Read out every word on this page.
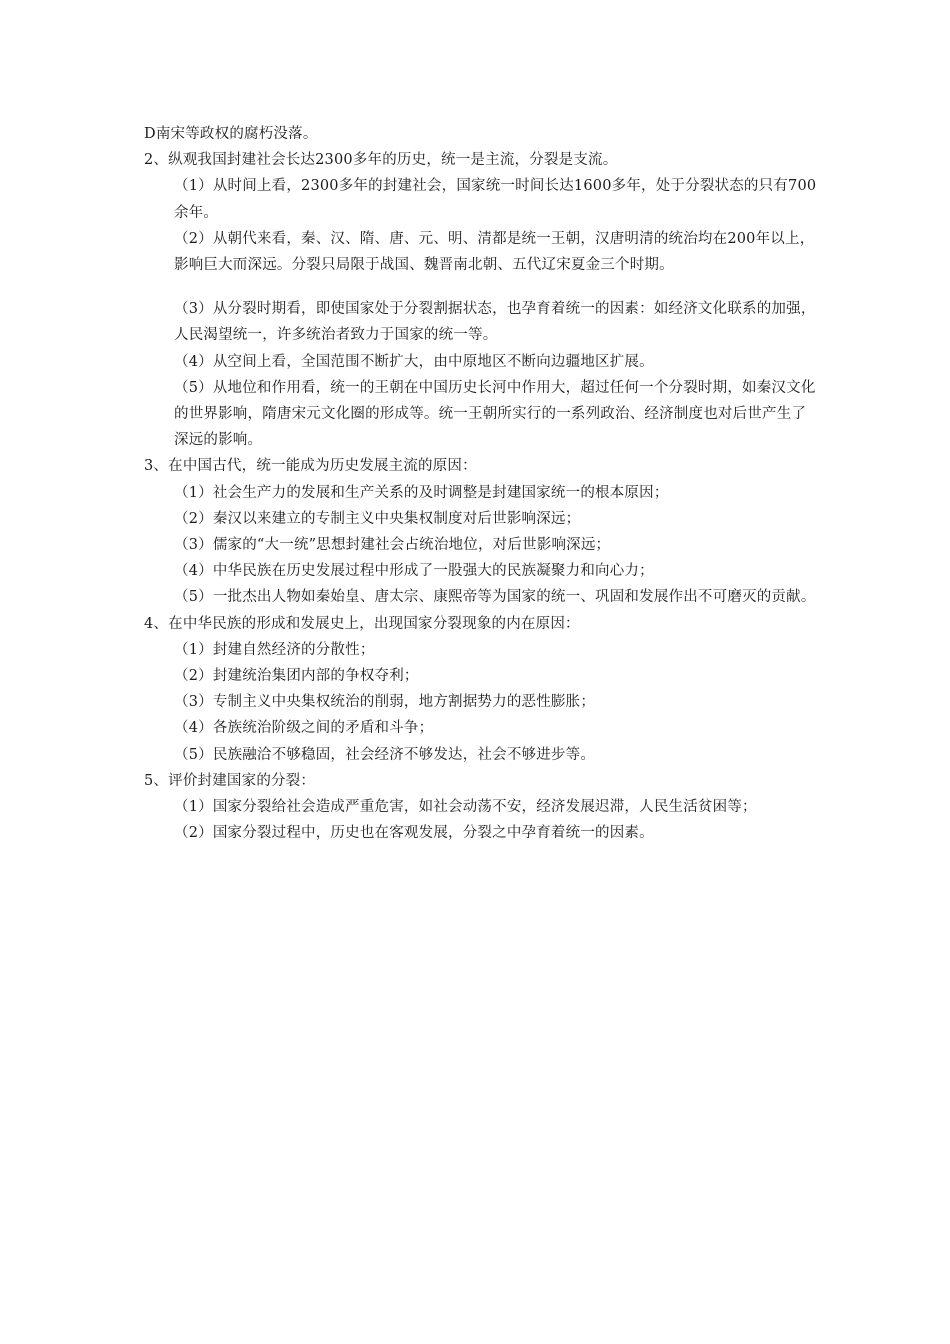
D南宋等政权的腐朽没落。
2、纵观我国封建社会长达2300多年的历史，统一是主流，分裂是支流。
（1）从时间上看，2300多年的封建社会，国家统一时间长达1600多年，处于分裂状态的只有700余年。
（2）从朝代来看，秦、汉、隋、唐、元、明、清都是统一王朝，汉唐明清的统治均在200年以上，影响巨大而深远。分裂只局限于战国、魏晋南北朝、五代辽宋夏金三个时期。
（3）从分裂时期看，即使国家处于分裂割据状态，也孕育着统一的因素：如经济文化联系的加强，人民渴望统一，许多统治者致力于国家的统一等。
（4）从空间上看，全国范围不断扩大，由中原地区不断向边疆地区扩展。
（5）从地位和作用看，统一的王朝在中国历史长河中作用大，超过任何一个分裂时期，如秦汉文化的世界影响，隋唐宋元文化圈的形成等。统一王朝所实行的一系列政治、经济制度也对后世产生了深远的影响。
3、在中国古代，统一能成为历史发展主流的原因：
（1）社会生产力的发展和生产关系的及时调整是封建国家统一的根本原因；
（2）秦汉以来建立的专制主义中央集权制度对后世影响深远；
（3）儒家的“大一统”思想封建社会占统治地位，对后世影响深远；
（4）中华民族在历史发展过程中形成了一股强大的民族凝聚力和向心力；
（5）一批杰出人物如秦始皇、唐太宗、康熙帝等为国家的统一、巩固和发展作出不可磨灭的贡献。
4、在中华民族的形成和发展史上，出现国家分裂现象的内在原因：
（1）封建自然经济的分散性；
（2）封建统治集团内部的争权夺利；
（3）专制主义中央集权统治的削弱，地方割据势力的恶性膨胀；
（4）各族统治阶级之间的矛盾和斗争；
（5）民族融洽不够稳固，社会经济不够发达，社会不够进步等。
5、评价封建国家的分裂：
（1）国家分裂给社会造成严重危害，如社会动荡不安，经济发展迟滞，人民生活贫困等；
（2）国家分裂过程中，历史也在客观发展，分裂之中孕育着统一的因素。
